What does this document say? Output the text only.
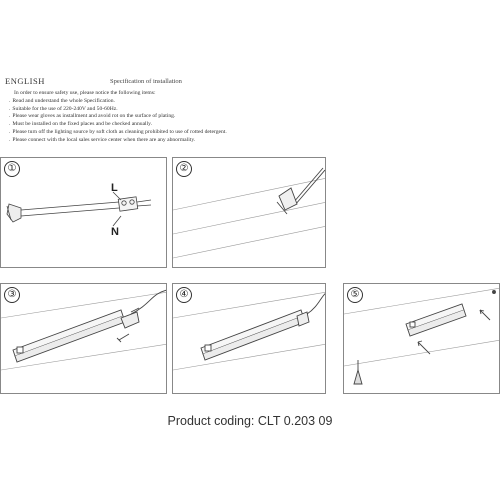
ENGLISH	Specification of installation
In order to ensure safety use, please notice the following items:
. Read and understand the whole Specification.
. Suitable for the use of 220-240V and 50-60Hz.
. Please wear gloves as installment and avoid rot on the surface of plating.
. Must be installed on the fixed places and be checked annually.
. Please turn off the lighting source by soft cloth as cleaning prohibited to use of rotted detergent.
. Please connect with the local sales service center when there are any abnormality.
①
L
N
②
③	④	⑤
Product coding: CLT 0.203 09
